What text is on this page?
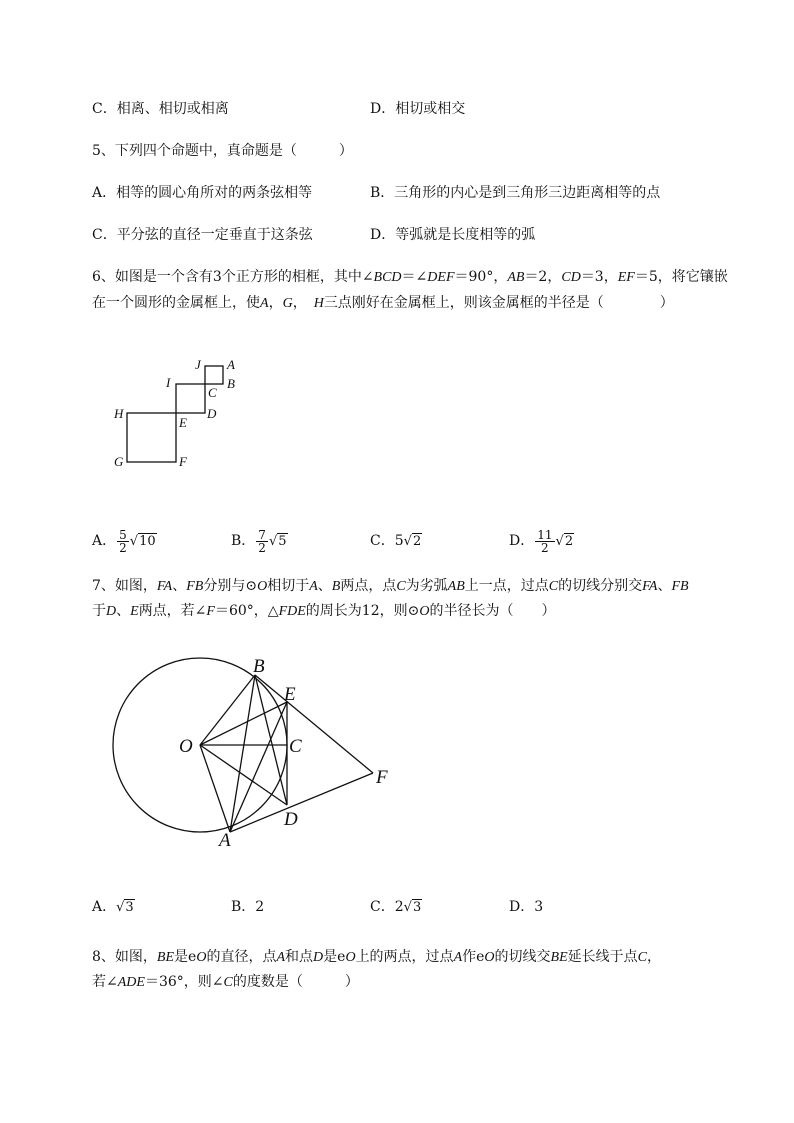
C．相离、相切或相离	D．相切或相交
5、下列四个命题中，真命题是（　　　）
A．相等的圆心角所对的两条弦相等	B．三角形的内心是到三角形三边距离相等的点
C．平分弦的直径一定垂直于这条弦	D．等弧就是长度相等的弧
6、如图是一个含有3个正方形的相框，其中∠BCD＝∠DEF＝90°，AB＝2，CD＝3，EF＝5，将它镶嵌
在一个圆形的金属框上，使A，G，　H三点刚好在金属框上，则该金属框的半径是（　　　　）
J A
I	B
C
H
E
D
G	F
A． $\frac{5}{2} √10$	B． $\frac{7}{2} √5$	C．5√2	D． $\frac{11}{2} √2$
7、如图，FA、FB分别与⊙O相切于A、B两点，点C为劣弧AB上一点，过点C的切线分别交FA、FB
于D、E两点，若∠F＝60°，△FDE的周长为12，则⊙O的半径长为（　　）
B
E
O	C
F
D
A
A．√3	B．2	C．2√3	D．3
8、如图，BE是eO的直径，点A和点D是eO上的两点，过点A作eO的切线交BE延长线于点C，
若∠ADE＝36°，则∠C的度数是（　　　）
